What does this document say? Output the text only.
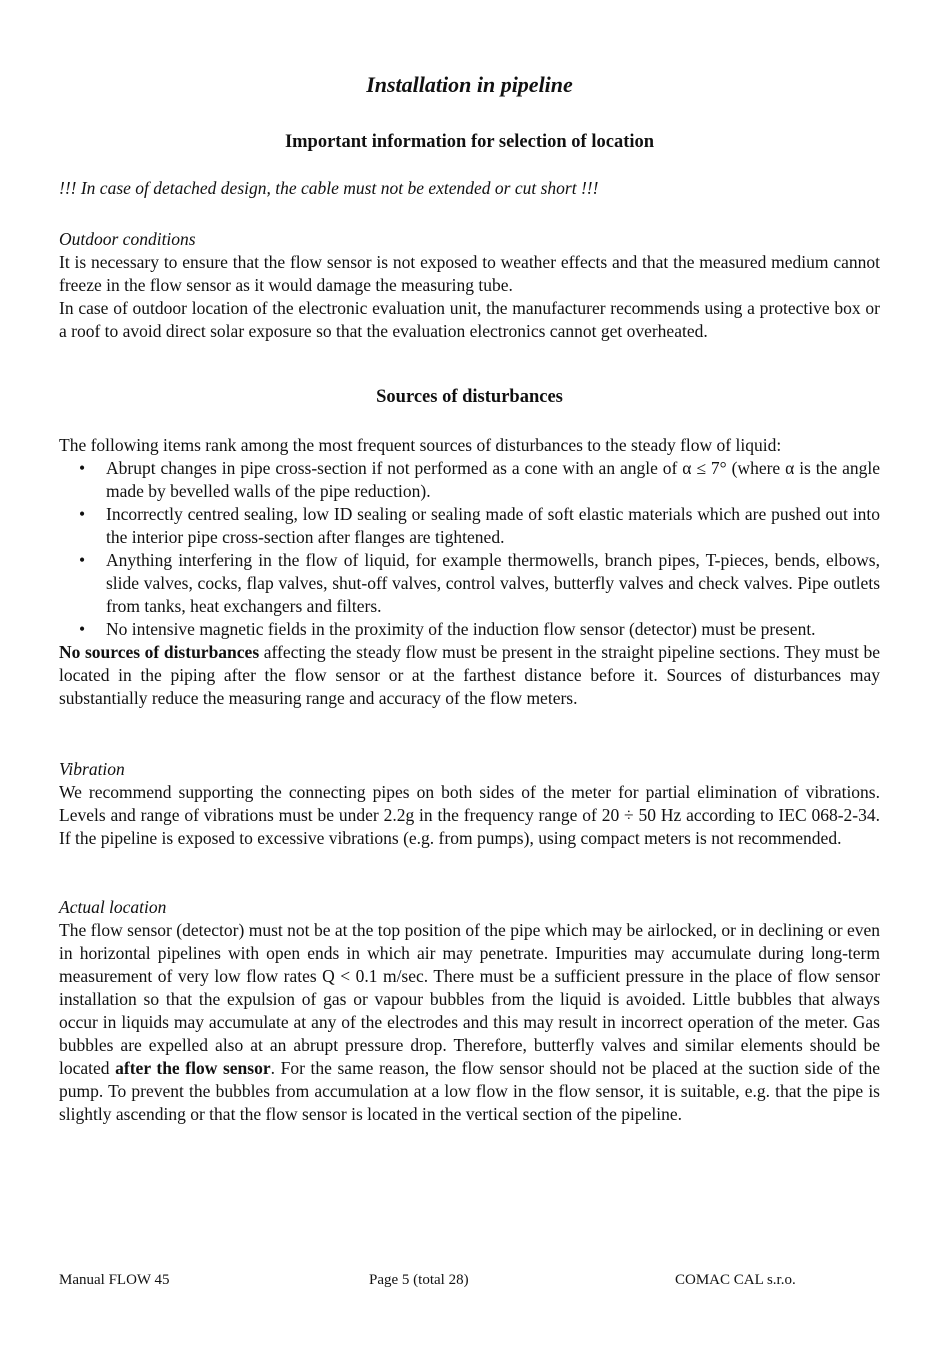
Installation in pipeline
Important information for selection of location

!!! In case of detached design, the cable must not be extended or cut short !!!

Outdoor conditions

It is necessary to ensure that the flow sensor is not exposed to weather effects and that the measured medium cannot freeze in the flow sensor as it would damage the measuring tube.

In case of outdoor location of the electronic evaluation unit, the manufacturer recommends using a protective box or a roof to avoid direct solar exposure so that the evaluation electronics cannot get overheated.

Sources of disturbances

The following items rank among the most frequent sources of disturbances to the steady flow of liquid:

• Abrupt changes in pipe cross-section if not performed as a cone with an angle of α ≤ 7° (where α is the angle made by bevelled walls of the pipe reduction).
• Incorrectly centred sealing, low ID sealing or sealing made of soft elastic materials which are pushed out into the interior pipe cross-section after flanges are tightened.
• Anything interfering in the flow of liquid, for example thermowells, branch pipes, T-pieces, bends, elbows, slide valves, cocks, flap valves, shut-off valves, control valves, butterfly valves and check valves. Pipe outlets from tanks, heat exchangers and filters.
• No intensive magnetic fields in the proximity of the induction flow sensor (detector) must be present.

No sources of disturbances affecting the steady flow must be present in the straight pipeline sections. They must be located in the piping after the flow sensor or at the farthest distance before it. Sources of disturbances may substantially reduce the measuring range and accuracy of the flow meters.

Vibration

We recommend supporting the connecting pipes on both sides of the meter for partial elimination of vibrations. Levels and range of vibrations must be under 2.2g in the frequency range of 20 ÷ 50 Hz according to IEC 068-2-34. If the pipeline is exposed to excessive vibrations (e.g. from pumps), using compact meters is not recommended.

Actual location

The flow sensor (detector) must not be at the top position of the pipe which may be airlocked, or in declining or even in horizontal pipelines with open ends in which air may penetrate. Impurities may accumulate during long-term measurement of very low flow rates Q < 0.1 m/sec. There must be a sufficient pressure in the place of flow sensor installation so that the expulsion of gas or vapour bubbles from the liquid is avoided. Little bubbles that always occur in liquids may accumulate at any of the electrodes and this may result in incorrect operation of the meter. Gas bubbles are expelled also at an abrupt pressure drop. Therefore, butterfly valves and similar elements should be located after the flow sensor. For the same reason, the flow sensor should not be placed at the suction side of the pump. To prevent the bubbles from accumulation at a low flow in the flow sensor, it is suitable, e.g. that the pipe is slightly ascending or that the flow sensor is located in the vertical section of the pipeline.

Manual FLOW 45	Page 5 (total 28)	COMAC CAL s.r.o.
